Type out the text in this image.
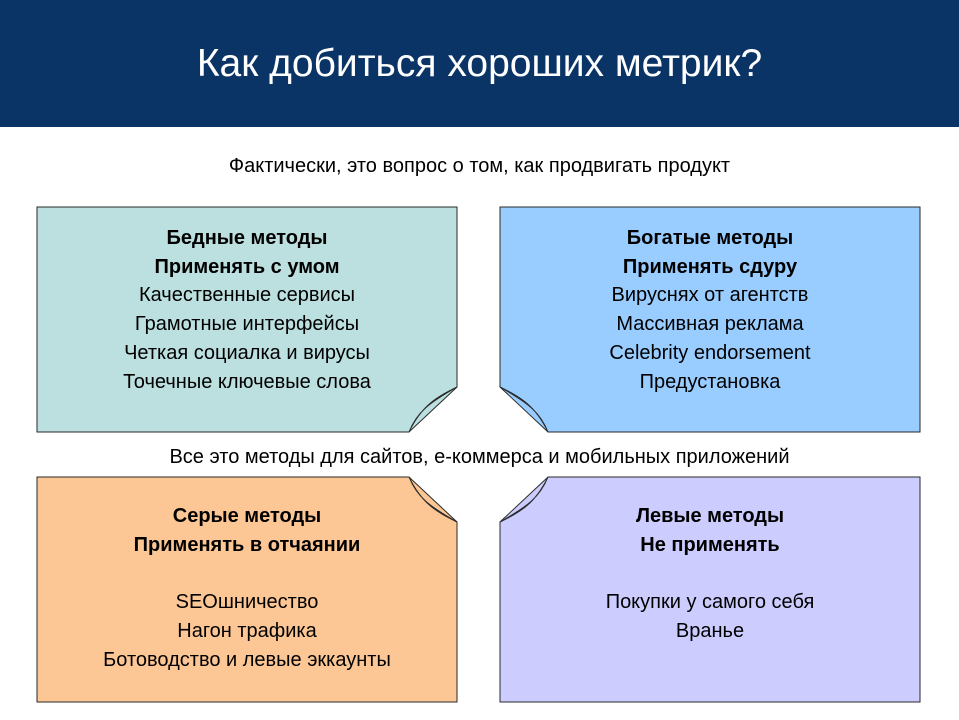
Как добиться хороших метрик?
Фактически, это вопрос о том, как продвигать продукт
Бедные методы
Применять с умом
Качественные сервисы
Грамотные интерфейсы
Четкая социалка и вирусы
Точечные ключевые слова
Богатые методы
Применять сдуру
Вируснях от агентств
Массивная реклама
Celebrity endorsement
Предустановка
Все это методы для сайтов, е-коммерса и мобильных приложений
Серые методы
Применять в отчаянии
SEOшничество
Нагон трафика
Ботоводство и левые эккаунты
Левые методы
Не применять
Покупки у самого себя
Вранье
